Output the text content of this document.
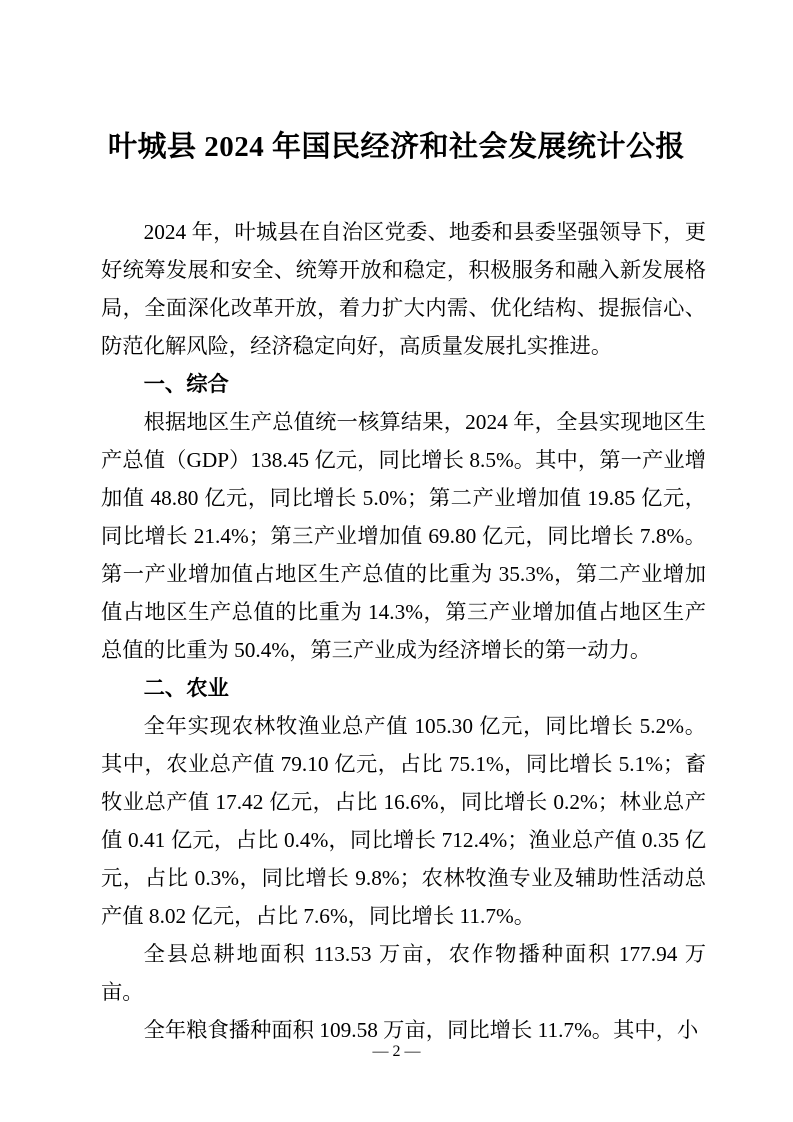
叶城县 2024 年国民经济和社会发展统计公报

2024 年，叶城县在自治区党委、地委和县委坚强领导下，更好统筹发展和安全、统筹开放和稳定，积极服务和融入新发展格局，全面深化改革开放，着力扩大内需、优化结构、提振信心、防范化解风险，经济稳定向好，高质量发展扎实推进。

一、综合

根据地区生产总值统一核算结果，2024 年，全县实现地区生产总值（GDP）138.45 亿元，同比增长 8.5%。其中，第一产业增加值 48.80 亿元，同比增长 5.0%；第二产业增加值 19.85 亿元，同比增长 21.4%；第三产业增加值 69.80 亿元，同比增长 7.8%。第一产业增加值占地区生产总值的比重为 35.3%，第二产业增加值占地区生产总值的比重为 14.3%，第三产业增加值占地区生产总值的比重为 50.4%，第三产业成为经济增长的第一动力。

二、农业

全年实现农林牧渔业总产值 105.30 亿元，同比增长 5.2%。其中，农业总产值 79.10 亿元，占比 75.1%，同比增长 5.1%；畜牧业总产值 17.42 亿元，占比 16.6%，同比增长 0.2%；林业总产值 0.41 亿元，占比 0.4%，同比增长 712.4%；渔业总产值 0.35 亿元，占比 0.3%，同比增长 9.8%；农林牧渔专业及辅助性活动总产值 8.02 亿元，占比 7.6%，同比增长 11.7%。

全县总耕地面积 113.53 万亩，农作物播种面积 177.94 万亩。

全年粮食播种面积 109.58 万亩，同比增长 11.7%。其中，小

— 2 —
